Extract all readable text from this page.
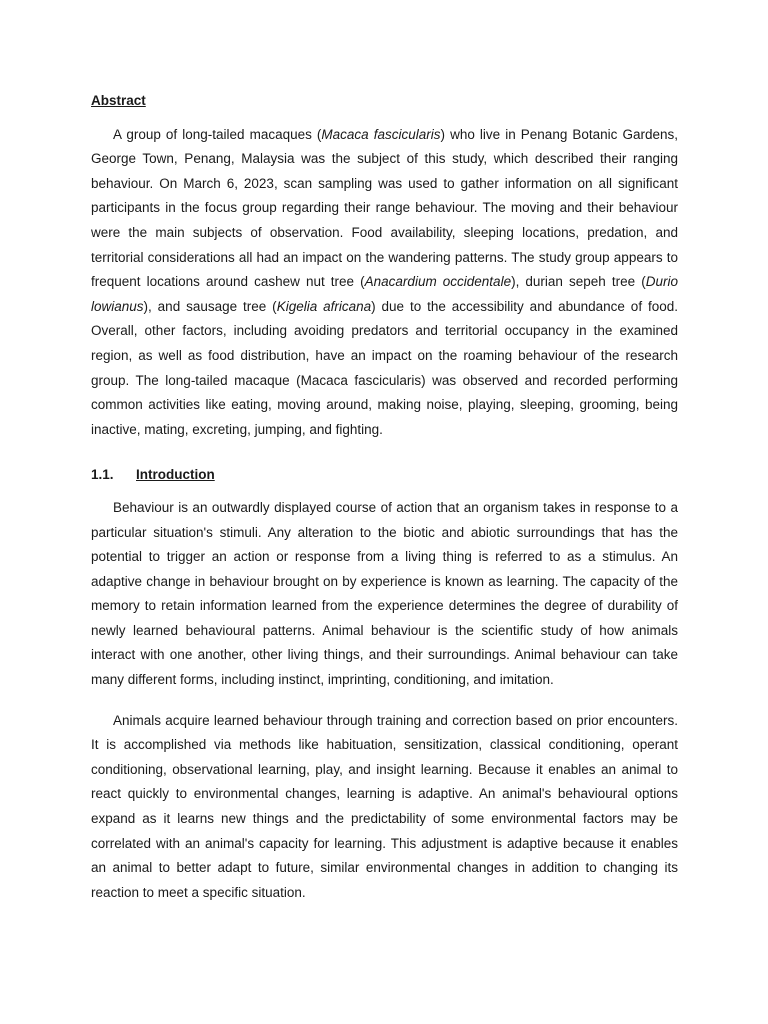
Abstract

A group of long-tailed macaques (Macaca fascicularis) who live in Penang Botanic Gardens, George Town, Penang, Malaysia was the subject of this study, which described their ranging behaviour. On March 6, 2023, scan sampling was used to gather information on all significant participants in the focus group regarding their range behaviour. The moving and their behaviour were the main subjects of observation. Food availability, sleeping locations, predation, and territorial considerations all had an impact on the wandering patterns. The study group appears to frequent locations around cashew nut tree (Anacardium occidentale), durian sepeh tree (Durio lowianus), and sausage tree (Kigelia africana) due to the accessibility and abundance of food. Overall, other factors, including avoiding predators and territorial occupancy in the examined region, as well as food distribution, have an impact on the roaming behaviour of the research group. The long-tailed macaque (Macaca fascicularis) was observed and recorded performing common activities like eating, moving around, making noise, playing, sleeping, grooming, being inactive, mating, excreting, jumping, and fighting.

1.1. Introduction

Behaviour is an outwardly displayed course of action that an organism takes in response to a particular situation's stimuli. Any alteration to the biotic and abiotic surroundings that has the potential to trigger an action or response from a living thing is referred to as a stimulus. An adaptive change in behaviour brought on by experience is known as learning. The capacity of the memory to retain information learned from the experience determines the degree of durability of newly learned behavioural patterns. Animal behaviour is the scientific study of how animals interact with one another, other living things, and their surroundings. Animal behaviour can take many different forms, including instinct, imprinting, conditioning, and imitation.

Animals acquire learned behaviour through training and correction based on prior encounters. It is accomplished via methods like habituation, sensitization, classical conditioning, operant conditioning, observational learning, play, and insight learning. Because it enables an animal to react quickly to environmental changes, learning is adaptive. An animal's behavioural options expand as it learns new things and the predictability of some environmental factors may be correlated with an animal's capacity for learning. This adjustment is adaptive because it enables an animal to better adapt to future, similar environmental changes in addition to changing its reaction to meet a specific situation.
